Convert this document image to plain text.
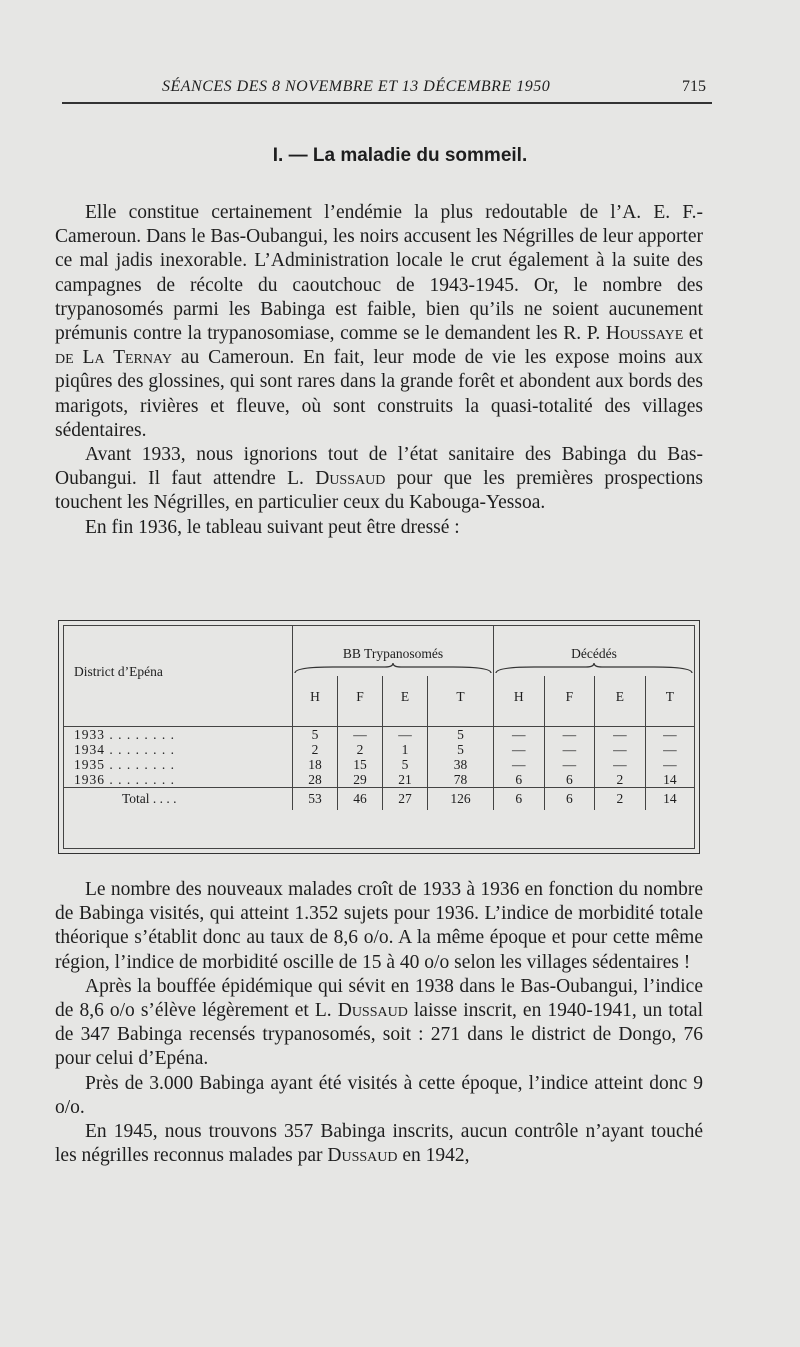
SÉANCES DES 8 NOVEMBRE ET 13 DÉCEMBRE 1950	715
I. — La maladie du sommeil.

Elle constitue certainement l’endémie la plus redoutable de l’A. E. F.-Cameroun. Dans le Bas-Oubangui, les noirs accusent les Négrilles de leur apporter ce mal jadis inexorable. L’Administration locale le crut également à la suite des campagnes de récolte du caoutchouc de 1943-1945. Or, le nombre des trypanosomés parmi les Babinga est faible, bien qu’ils ne soient aucunement prémunis contre la trypanosomiase, comme se le demandent les R. P. Houssaye et de La Ternay au Cameroun. En fait, leur mode de vie les expose moins aux piqûres des glossines, qui sont rares dans la grande forêt et abondent aux bords des marigots, rivières et fleuve, où sont construits la quasi-totalité des villages sédentaires.

Avant 1933, nous ignorions tout de l’état sanitaire des Babinga du Bas-Oubangui. Il faut attendre L. Dussaud pour que les premières prospections touchent les Négrilles, en particulier ceux du Kabouga-Yessoa.

En fin 1936, le tableau suivant peut être dressé :

District d’Epéna	BB Trypanosomés				Décédés			

	H	F	E	T	H	F	E	T

1933 . . . . . . . .	5	—	—	5	—	—	—	—
1934 . . . . . . . .	2	2	1	5	—	—	—	—
1935 . . . . . . . .	18	15	5	38	—	—	—	—
1936 . . . . . . . .	28	29	21	78	6	6	2	14
Total . . . .	53	46	27	126	6	6	2	14

Le nombre des nouveaux malades croît de 1933 à 1936 en fonction du nombre de Babinga visités, qui atteint 1.352 sujets pour 1936. L’indice de morbidité totale théorique s’établit donc au taux de 8,6 o/o. A la même époque et pour cette même région, l’indice de morbidité oscille de 15 à 40 o/o selon les villages sédentaires !

Après la bouffée épidémique qui sévit en 1938 dans le Bas-Oubangui, l’indice de 8,6 o/o s’élève légèrement et L. Dussaud laisse inscrit, en 1940-1941, un total de 347 Babinga recensés trypanosomés, soit : 271 dans le district de Dongo, 76 pour celui d’Epéna.

Près de 3.000 Babinga ayant été visités à cette époque, l’indice atteint donc 9 o/o.

En 1945, nous trouvons 357 Babinga inscrits, aucun contrôle n’ayant touché les négrilles reconnus malades par Dussaud en 1942,
